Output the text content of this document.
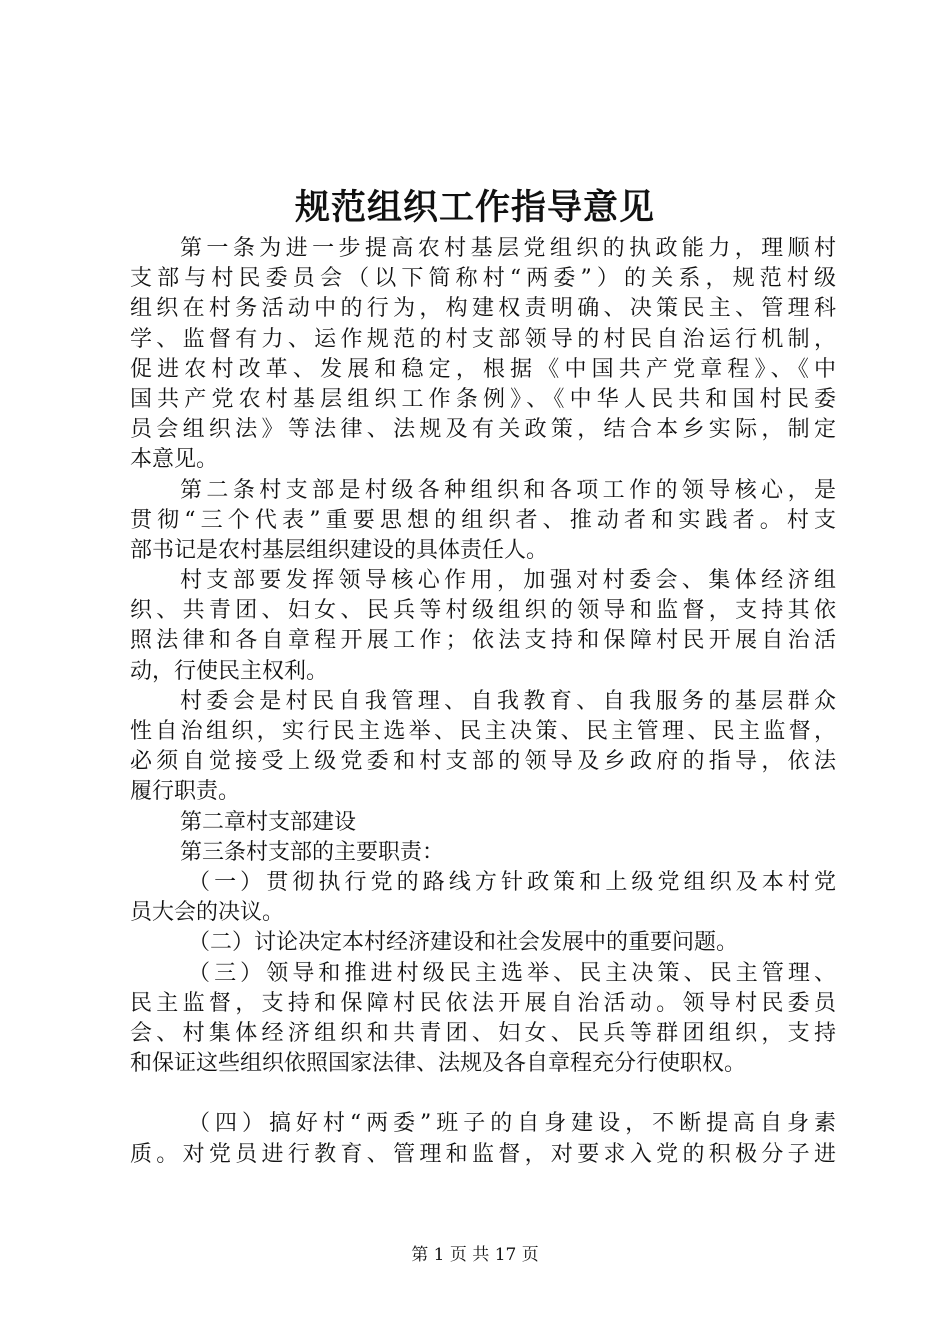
规范组织工作指导意见
第一条为进一步提高农村基层党组织的执政能力，理顺村
支部与村民委员会（以下简称村“两委”）的关系，规范村级
组织在村务活动中的行为，构建权责明确、决策民主、管理科
学、监督有力、运作规范的村支部领导的村民自治运行机制，
促进农村改革、发展和稳定，根据《中国共产党章程》、《中
国共产党农村基层组织工作条例》、《中华人民共和国村民委
员会组织法》等法律、法规及有关政策，结合本乡实际，制定
本意见。
第二条村支部是村级各种组织和各项工作的领导核心，是
贯彻“三个代表”重要思想的组织者、推动者和实践者。村支
部书记是农村基层组织建设的具体责任人。
村支部要发挥领导核心作用，加强对村委会、集体经济组
织、共青团、妇女、民兵等村级组织的领导和监督，支持其依
照法律和各自章程开展工作；依法支持和保障村民开展自治活
动，行使民主权利。
村委会是村民自我管理、自我教育、自我服务的基层群众
性自治组织，实行民主选举、民主决策、民主管理、民主监督，
必须自觉接受上级党委和村支部的领导及乡政府的指导，依法
履行职责。
第二章村支部建设
第三条村支部的主要职责：
（一）贯彻执行党的路线方针政策和上级党组织及本村党
员大会的决议。
（二）讨论决定本村经济建设和社会发展中的重要问题。
（三）领导和推进村级民主选举、民主决策、民主管理、
民主监督，支持和保障村民依法开展自治活动。领导村民委员
会、村集体经济组织和共青团、妇女、民兵等群团组织，支持
和保证这些组织依照国家法律、法规及各自章程充分行使职权。
（四）搞好村“两委”班子的自身建设，不断提高自身素
质。对党员进行教育、管理和监督，对要求入党的积极分子进
第 1 页 共 17 页
